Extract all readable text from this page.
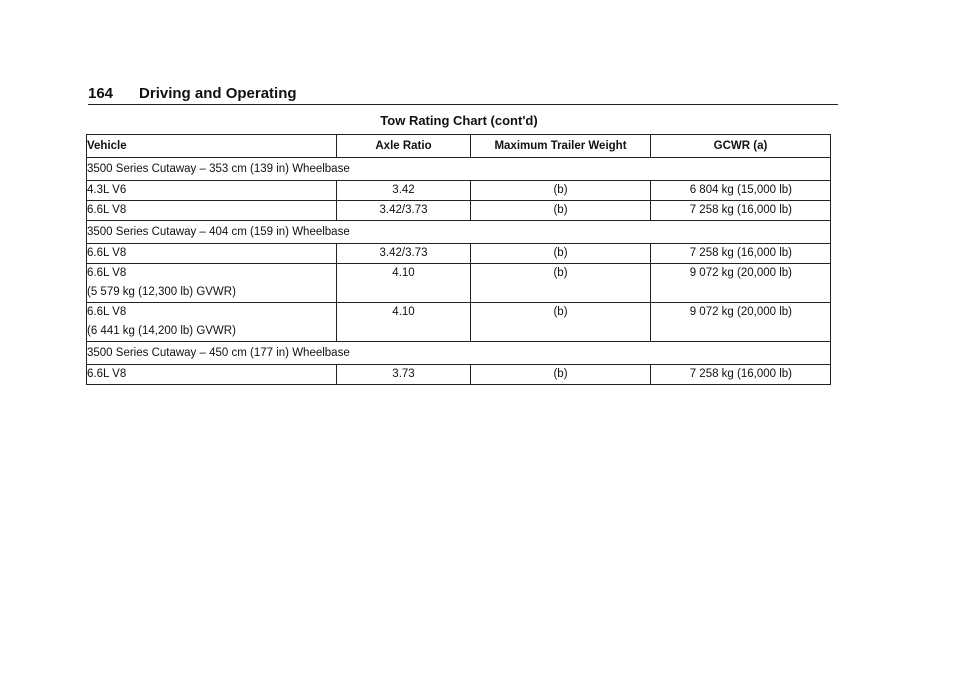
164 Driving and Operating
Tow Rating Chart (cont'd)
Vehicle	Axle Ratio	Maximum Trailer Weight	GCWR (a)
3500 Series Cutaway – 353 cm (139 in) Wheelbase			

4.3L V6	3.42	(b)	6 804 kg (15,000 lb)

6.6L V8	3.42/3.73	(b)	7 258 kg (16,000 lb)
3500 Series Cutaway – 404 cm (159 in) Wheelbase			

6.6L V8	3.42/3.73	(b)	7 258 kg (16,000 lb)

6.6L V8
(5 579 kg (12,300 lb) GVWR)	4.10	(b)	9 072 kg (20,000 lb)

6.6L V8
(6 441 kg (14,200 lb) GVWR)	4.10	(b)	9 072 kg (20,000 lb)
3500 Series Cutaway – 450 cm (177 in) Wheelbase			

6.6L V8	3.73	(b)	7 258 kg (16,000 lb)
